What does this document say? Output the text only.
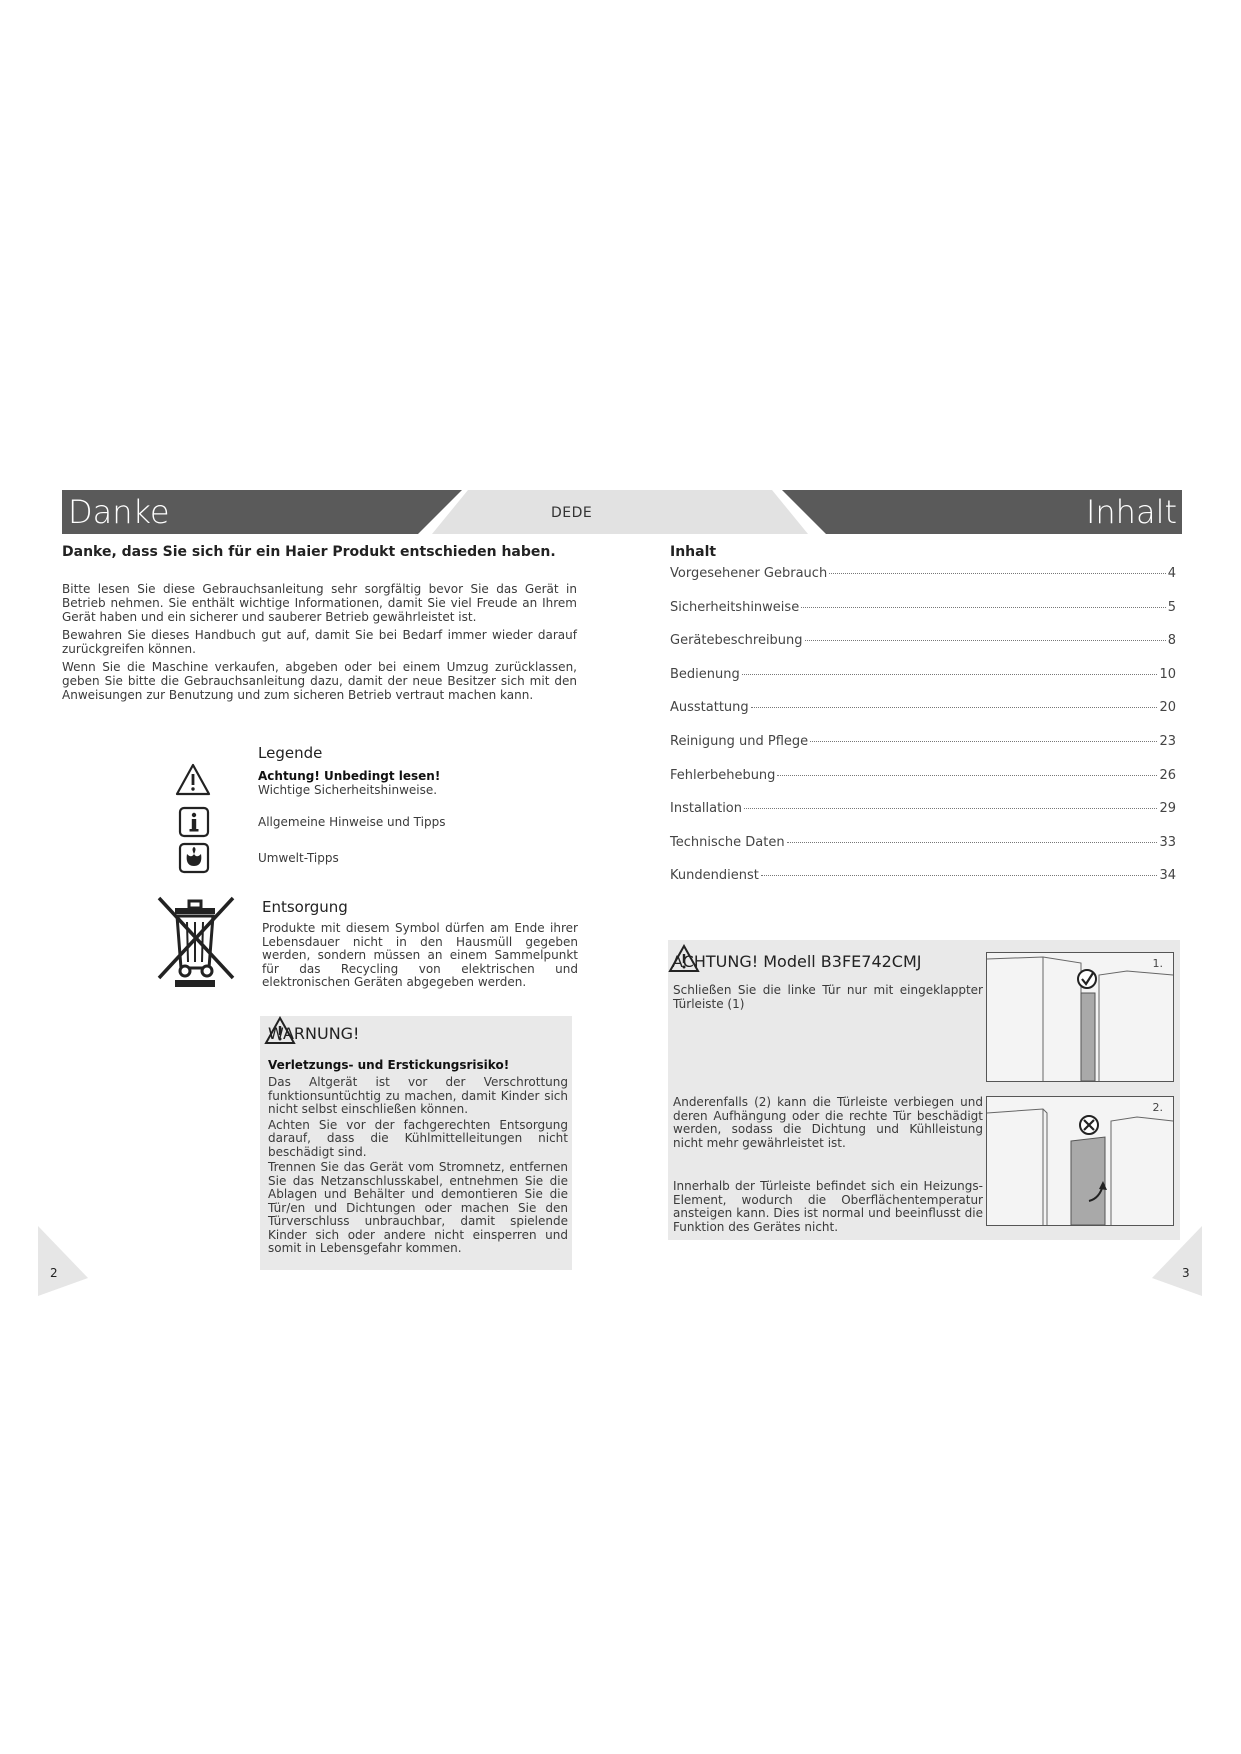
Danke	Inhalt
DEDE
Danke, dass Sie sich für ein Haier Produkt entschieden haben.

Bitte lesen Sie diese Gebrauchsanleitung sehr sorgfältig bevor Sie das Gerät in Betrieb nehmen. Sie enthält wichtige Informationen, damit Sie viel Freude an Ihrem Gerät haben und ein sicherer und sauberer Betrieb gewährleistet ist.

Bewahren Sie dieses Handbuch gut auf, damit Sie bei Bedarf immer wieder darauf zurückgreifen können.

Wenn Sie die Maschine verkaufen, abgeben oder bei einem Umzug zurücklassen, geben Sie bitte die Gebrauchsanleitung dazu, damit der neue Besitzer sich mit den Anweisungen zur Benutzung und zum sicheren Betrieb vertraut machen kann.

Legende
Achtung! Unbedingt lesen!
Wichtige Sicherheitshinweise.
Allgemeine Hinweise und Tipps
Umwelt-Tipps
Entsorgung
Produkte mit diesem Symbol dürfen am Ende ihrer Lebensdauer nicht in den Hausmüll gegeben werden, sondern müssen an einem Sammelpunkt für das Recycling von elektrischen und elektronischen Geräten abgegeben werden.
WARNUNG!
Verletzungs- und Erstickungsrisiko!

Das Altgerät ist vor der Verschrottung funktionsuntüchtig zu machen, damit Kinder sich nicht selbst einschließen können.

Achten Sie vor der fachgerechten Entsorgung darauf, dass die Kühlmittelleitungen nicht beschädigt sind.

Trennen Sie das Gerät vom Stromnetz, entfernen Sie das Netzanschlusskabel, entnehmen Sie die Ablagen und Behälter und demontieren Sie die Tür/en und Dichtungen oder machen Sie den Türverschluss unbrauchbar, damit spielende Kinder sich oder andere nicht einsperren und somit in Lebensgefahr kommen.

2
Inhalt
Vorgesehener Gebrauch	4
Sicherheitshinweise	5
Gerätebeschreibung	8
Bedienung	10
Ausstattung	20
Reinigung und Pflege	23
Fehlerbehebung	26
Installation	29
Technische Daten	33
Kundendienst	34
ACHTUNG! Modell B3FE742CMJ
Schließen Sie die linke Tür nur mit eingeklappter Türleiste (1)
Anderenfalls (2) kann die Türleiste verbiegen und deren Aufhängung oder die rechte Tür beschädigt werden, sodass die Dichtung und Kühlleistung nicht mehr gewährleistet ist.
Innerhalb der Türleiste befindet sich ein Heizungs-Element, wodurch die Oberflächentemperatur ansteigen kann. Dies ist normal und beeinflusst die Funktion des Gerätes nicht.
1.
2.
3
